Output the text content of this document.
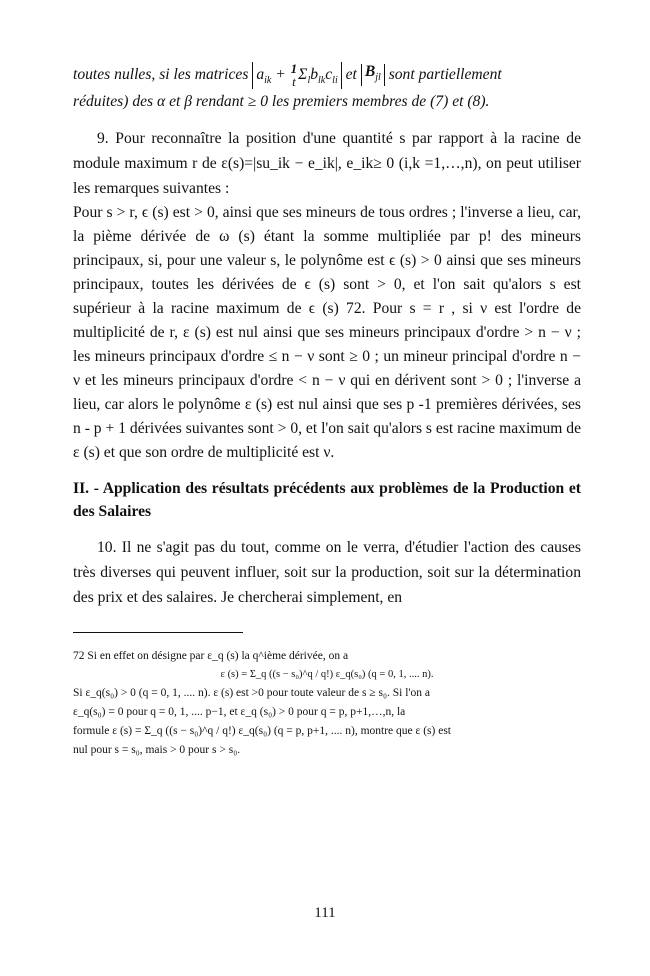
toutes nulles, si les matrices $a_{ik} + 1$
t $\Sigma_lb_{lk}c_{li}$ et $B_{jl}$ sont partiellement
réduites) des α et β rendant ≥ 0 les premiers membres de (7) et (8).

9. Pour reconnaître la position d'une quantité s par rapport à la racine de module maximum r de ε(s)=|su_ik − e_ik|, e_ik≥ 0 (i,k =1,…,n), on peut utiliser les remarques suivantes :

Pour s > r, ϵ (s) est > 0, ainsi que ses mineurs de tous ordres ; l'inverse a lieu, car, la pième dérivée de ω (s) étant la somme multipliée par p! des mineurs principaux, si, pour une valeur s, le polynôme est ϵ (s) > 0 ainsi que ses mineurs principaux, toutes les dérivées de ϵ (s) sont > 0, et l'on sait qu'alors s est supérieur à la racine maximum de ϵ (s) 72. Pour s = r , si ν est l'ordre de multiplicité de r, ε (s) est nul ainsi que ses mineurs principaux d'ordre > n − ν ; les mineurs principaux d'ordre ≤ n − ν sont ≥ 0 ; un mineur principal d'ordre n − ν et les mineurs principaux d'ordre < n − ν qui en dérivent sont > 0 ; l'inverse a lieu, car alors le polynôme ε (s) est nul ainsi que ses p -1 premières dérivées, ses n - p + 1 dérivées suivantes sont > 0, et l'on sait qu'alors s est racine maximum de ε (s) et que son ordre de multiplicité est ν.

II. - Application des résultats précédents aux problèmes de la Production et des Salaires

10. Il ne s'agit pas du tout, comme on le verra, d'étudier l'action des causes très diverses qui peuvent influer, soit sur la production, soit sur la détermination des prix et des salaires. Je chercherai simplement, en

72 Si en effet on désigne par ε_q (s) la q^ième dérivée, on a

ε (s) = Σ_q ((s − s₀)^q / q!) ε_q(s₀) (q = 0, 1, .... n).

Si ε_q(s₀) > 0 (q = 0, 1, .... n). ε (s) est >0 pour toute valeur de s ≥ s₀. Si l'on a

ε_q(s₀) = 0 pour q = 0, 1, .... p−1, et ε_q (s₀) > 0 pour q = p, p+1,…,n, la

formule ε (s) = Σ_q ((s − s₀)^q / q!) ε_q(s₀) (q = p, p+1, .... n), montre que ε (s) est

nul pour s = s₀, mais > 0 pour s > s₀.

111
